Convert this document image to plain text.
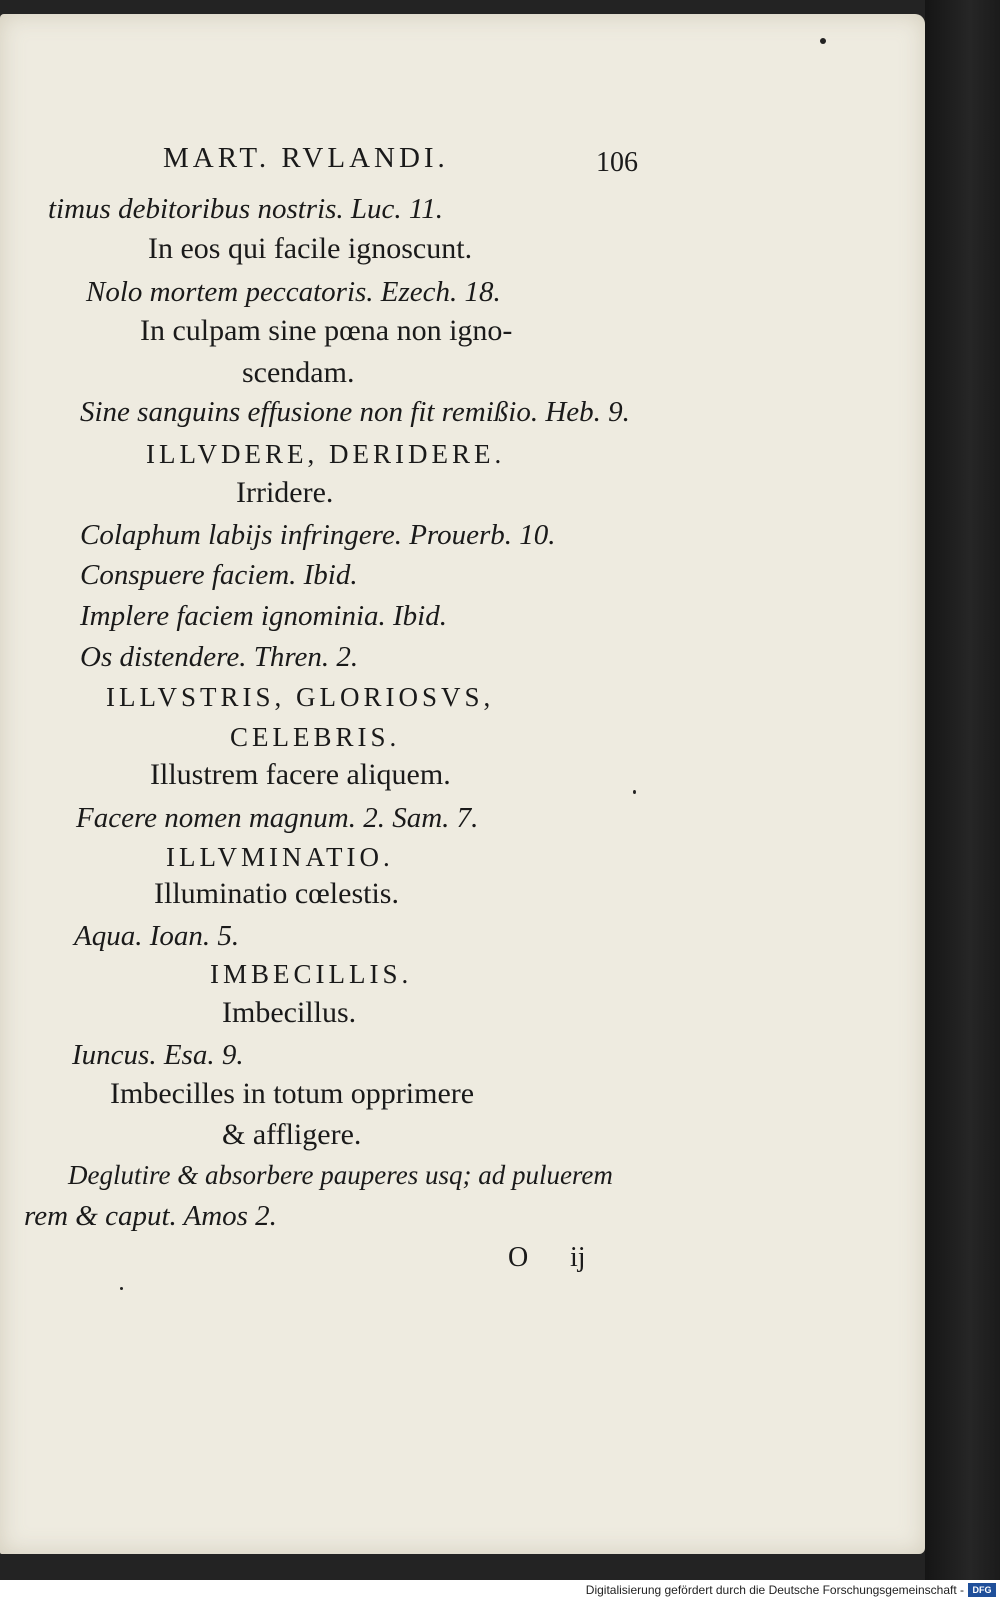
MART. RVLANDI.	106
timus debitoribus nostris. Luc. 11.
In eos qui facile ignoscunt.
Nolo mortem peccatoris. Ezech. 18.
In culpam sine pœna non igno-
scendam.
Sine sanguins effusione non fit remißio. Heb. 9.
ILLVDERE, DERIDERE.
Irridere.
Colaphum labijs infringere. Prouerb. 10.
Conspuere faciem. Ibid.
Implere faciem ignominia. Ibid.
Os distendere. Thren. 2.
ILLVSTRIS, GLORIOSVS,
CELEBRIS.
Illustrem facere aliquem.
Facere nomen magnum. 2. Sam. 7.
ILLVMINATIO.
Illuminatio cœlestis.
Aqua. Ioan. 5.
IMBECILLIS.
Imbecillus.
Iuncus. Esa. 9.
Imbecilles in totum opprimere
& affligere.
Deglutire & absorbere pauperes usq; ad puluerem
rem & caput. Amos 2.
O ij
Digitalisierung gefördert durch die Deutsche Forschungsgemeinschaft - DFG
